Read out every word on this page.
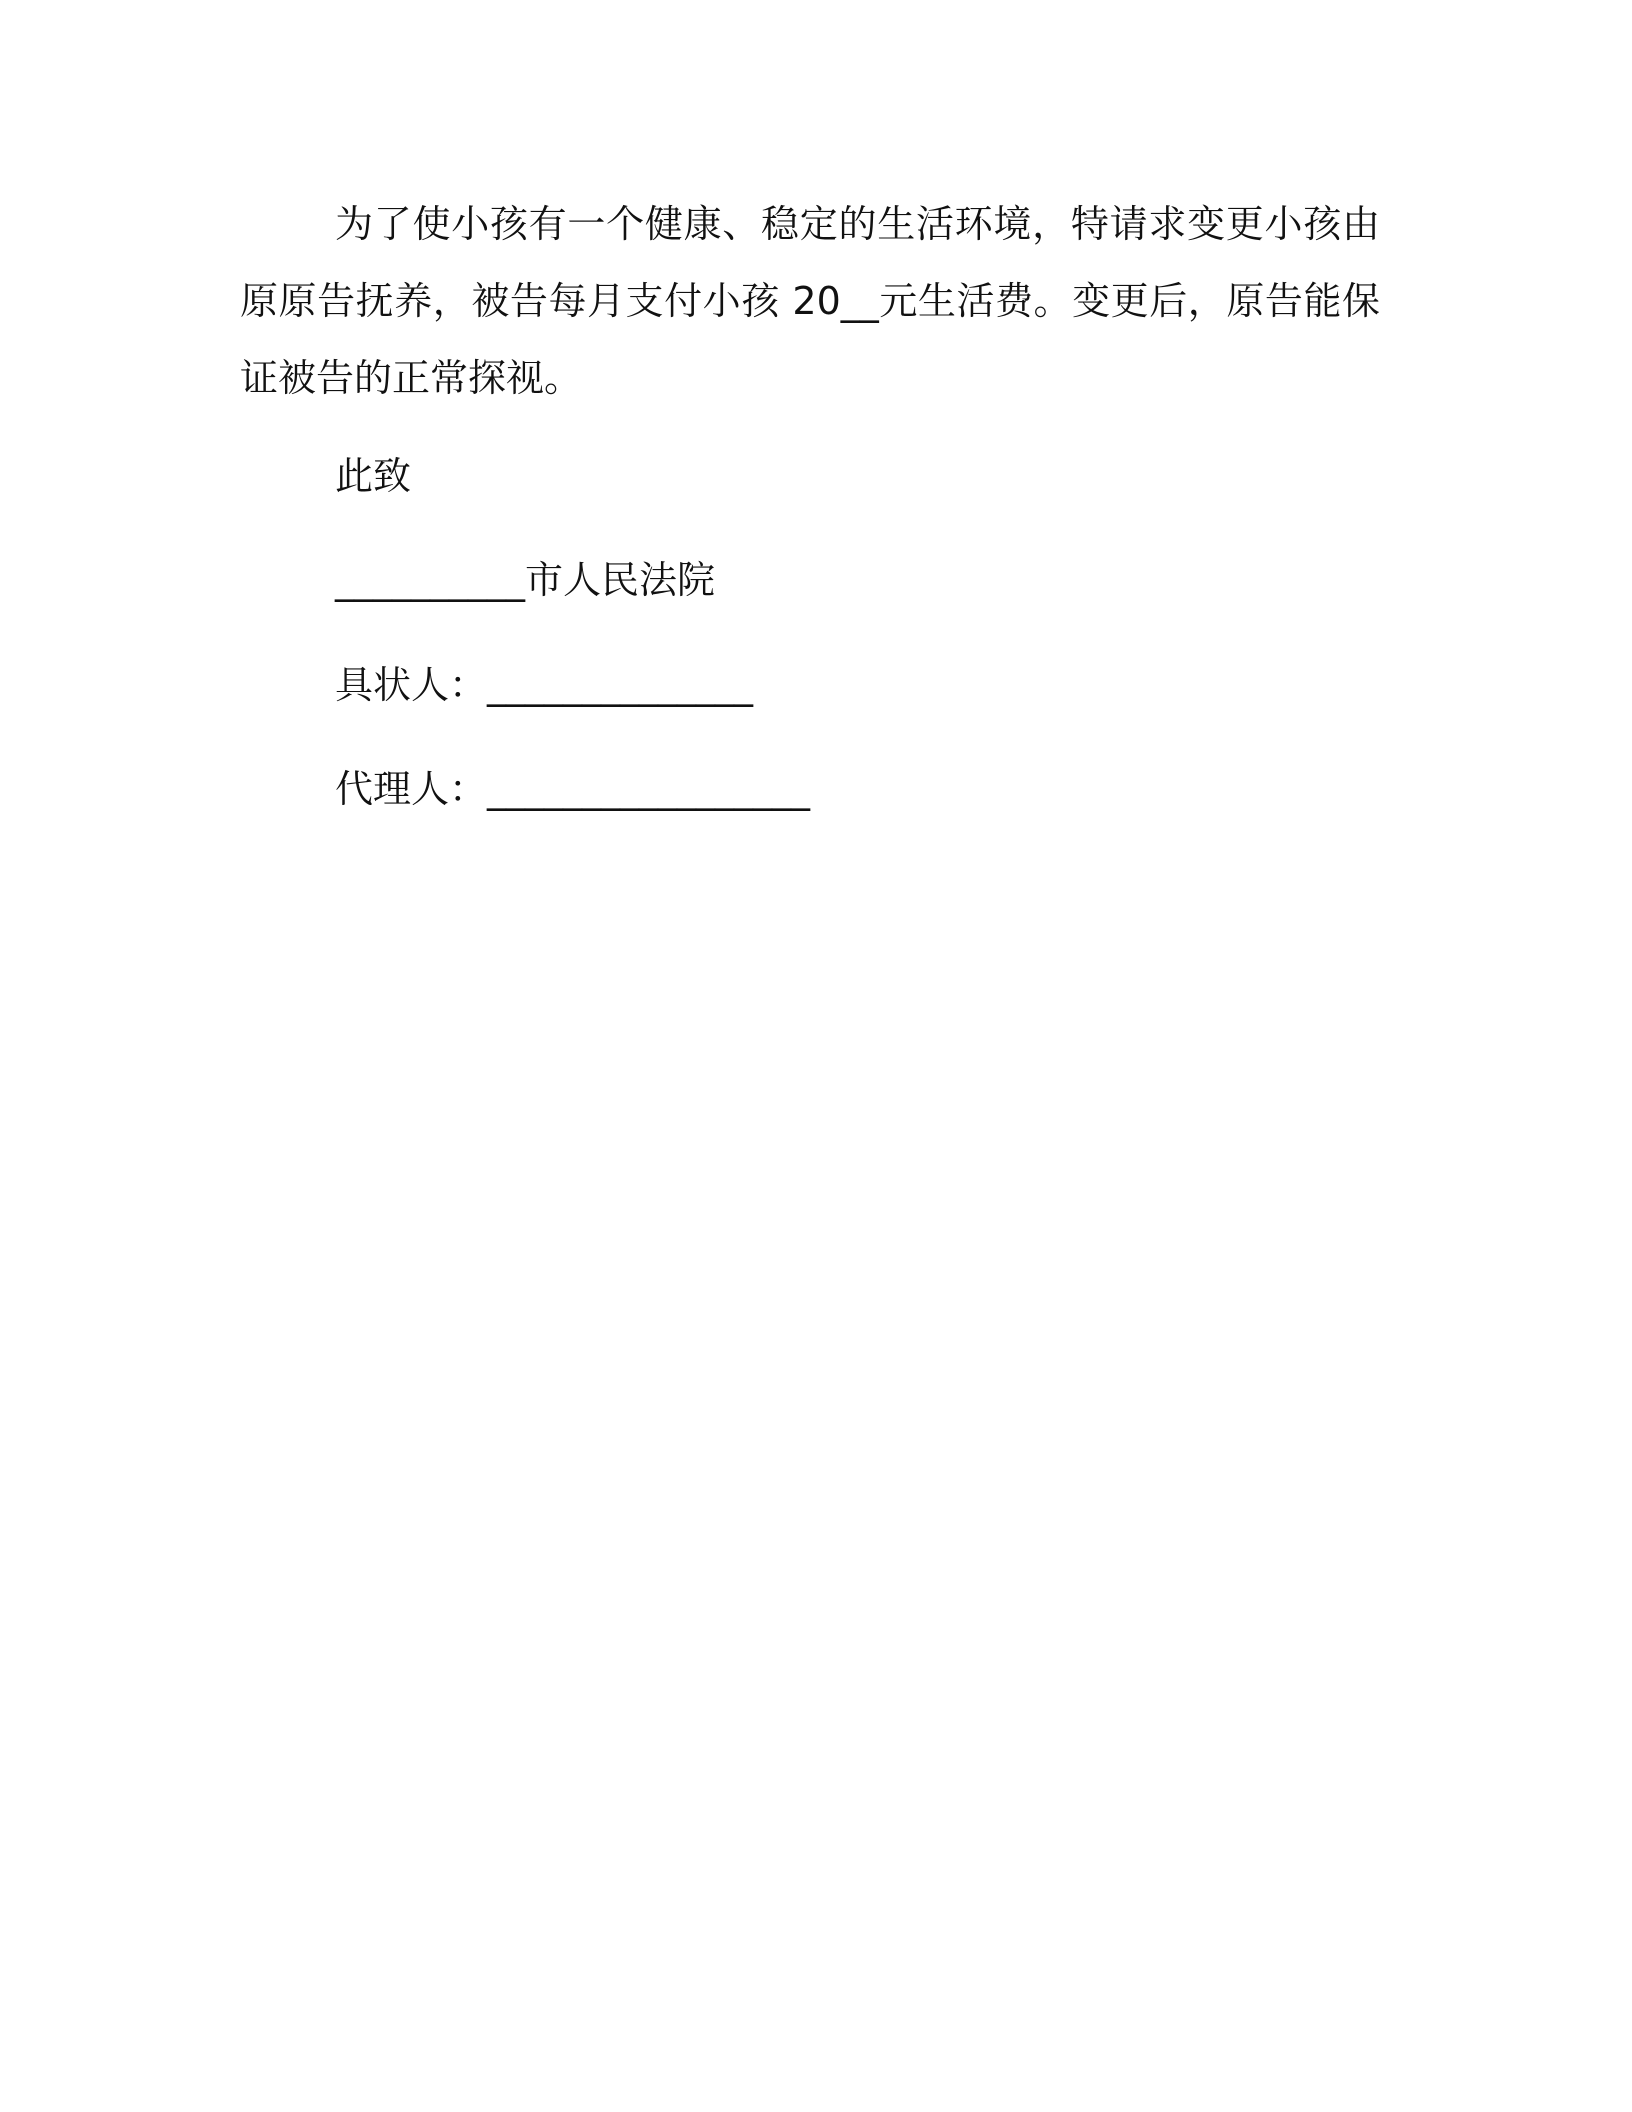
为了使小孩有一个健康、稳定的生活环境，特请求变更小孩由原原告抚养，被告每月支付小孩 20__元生活费。变更后，原告能保证被告的正常探视。

此致

__________市人民法院

具状人：______________

代理人：_________________
